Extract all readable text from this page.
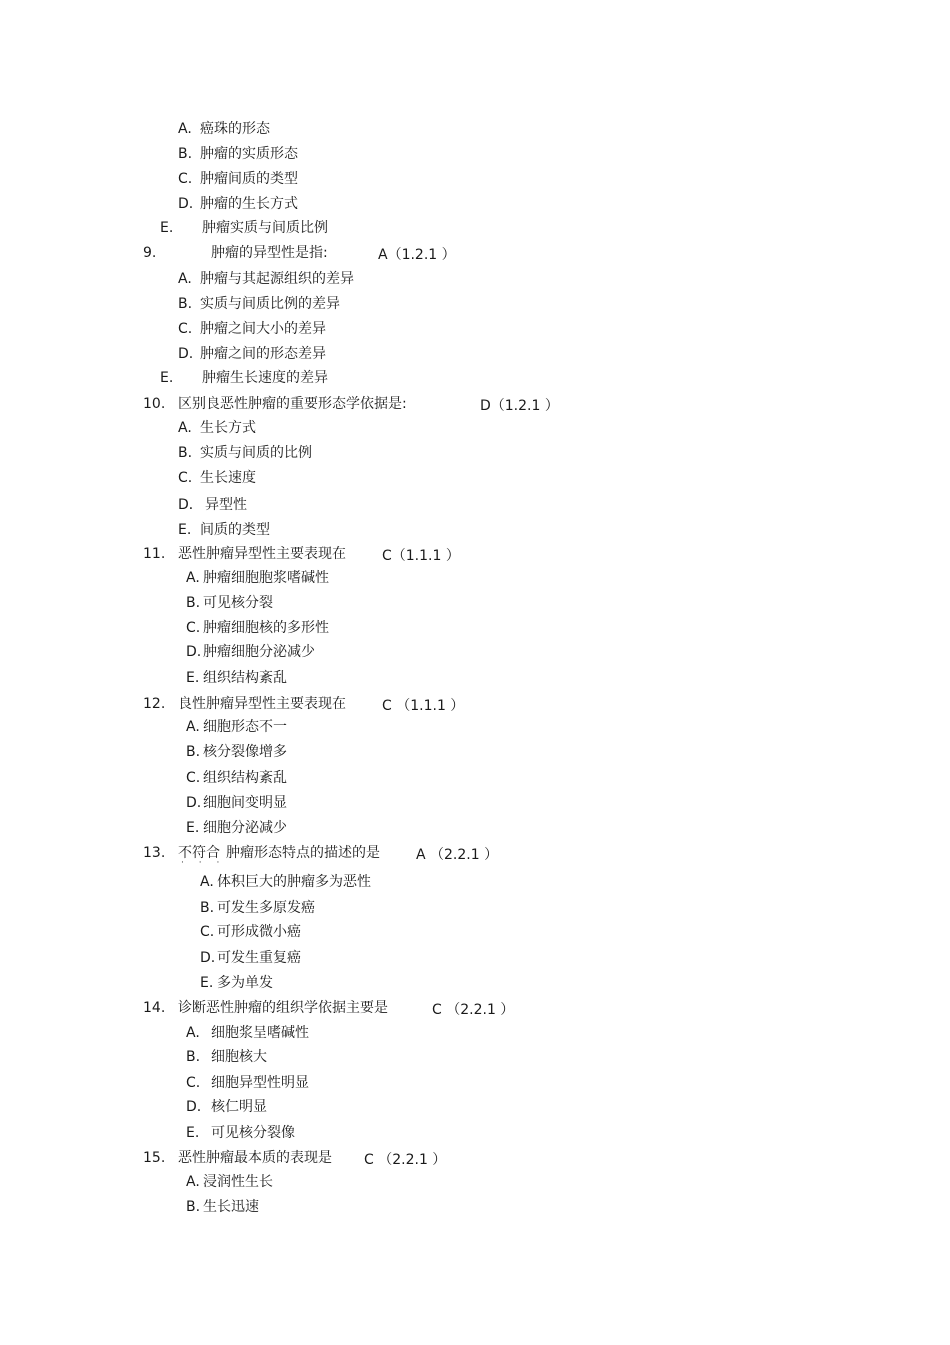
A. 癌珠的形态
B. 肿瘤的实质形态
C. 肿瘤间质的类型
D. 肿瘤的生长方式
E. 肿瘤实质与间质比例
9.	肿瘤的异型性是指:	A（1.2.1 ）
A. 肿瘤与其起源组织的差异
B. 实质与间质比例的差异
C. 肿瘤之间大小的差异
D. 肿瘤之间的形态差异
E. 肿瘤生长速度的差异
10. 区别良恶性肿瘤的重要形态学依据是:	D（1.2.1 ）
A. 生长方式
B. 实质与间质的比例
C. 生长速度
D． 异型性
E. 间质的类型
11. 恶性肿瘤异型性主要表现在	C（1.1.1 ）
A. 肿瘤细胞胞浆嗜碱性
B. 可见核分裂
C. 肿瘤细胞核的多形性
D. 肿瘤细胞分泌减少
E. 组织结构紊乱
12. 良性肿瘤异型性主要表现在	C （1.1.1 ）
A. 细胞形态不一
B. 核分裂像增多
C. 组织结构紊乱
D. 细胞间变明显
E. 细胞分泌减少
13. 不符合 肿瘤形态特点的描述的是
· · ·	A （2.2.1 ）
A. 体积巨大的肿瘤多为恶性
B. 可发生多原发癌
C. 可形成微小癌
D. 可发生重复癌
E. 多为单发
14. 诊断恶性肿瘤的组织学依据主要是	C （2.2.1 ）
A. 细胞浆呈嗜碱性
B. 细胞核大
C. 细胞异型性明显
D. 核仁明显
E. 可见核分裂像
15. 恶性肿瘤最本质的表现是 C （2.2.1 ）
A. 浸润性生长
B. 生长迅速
